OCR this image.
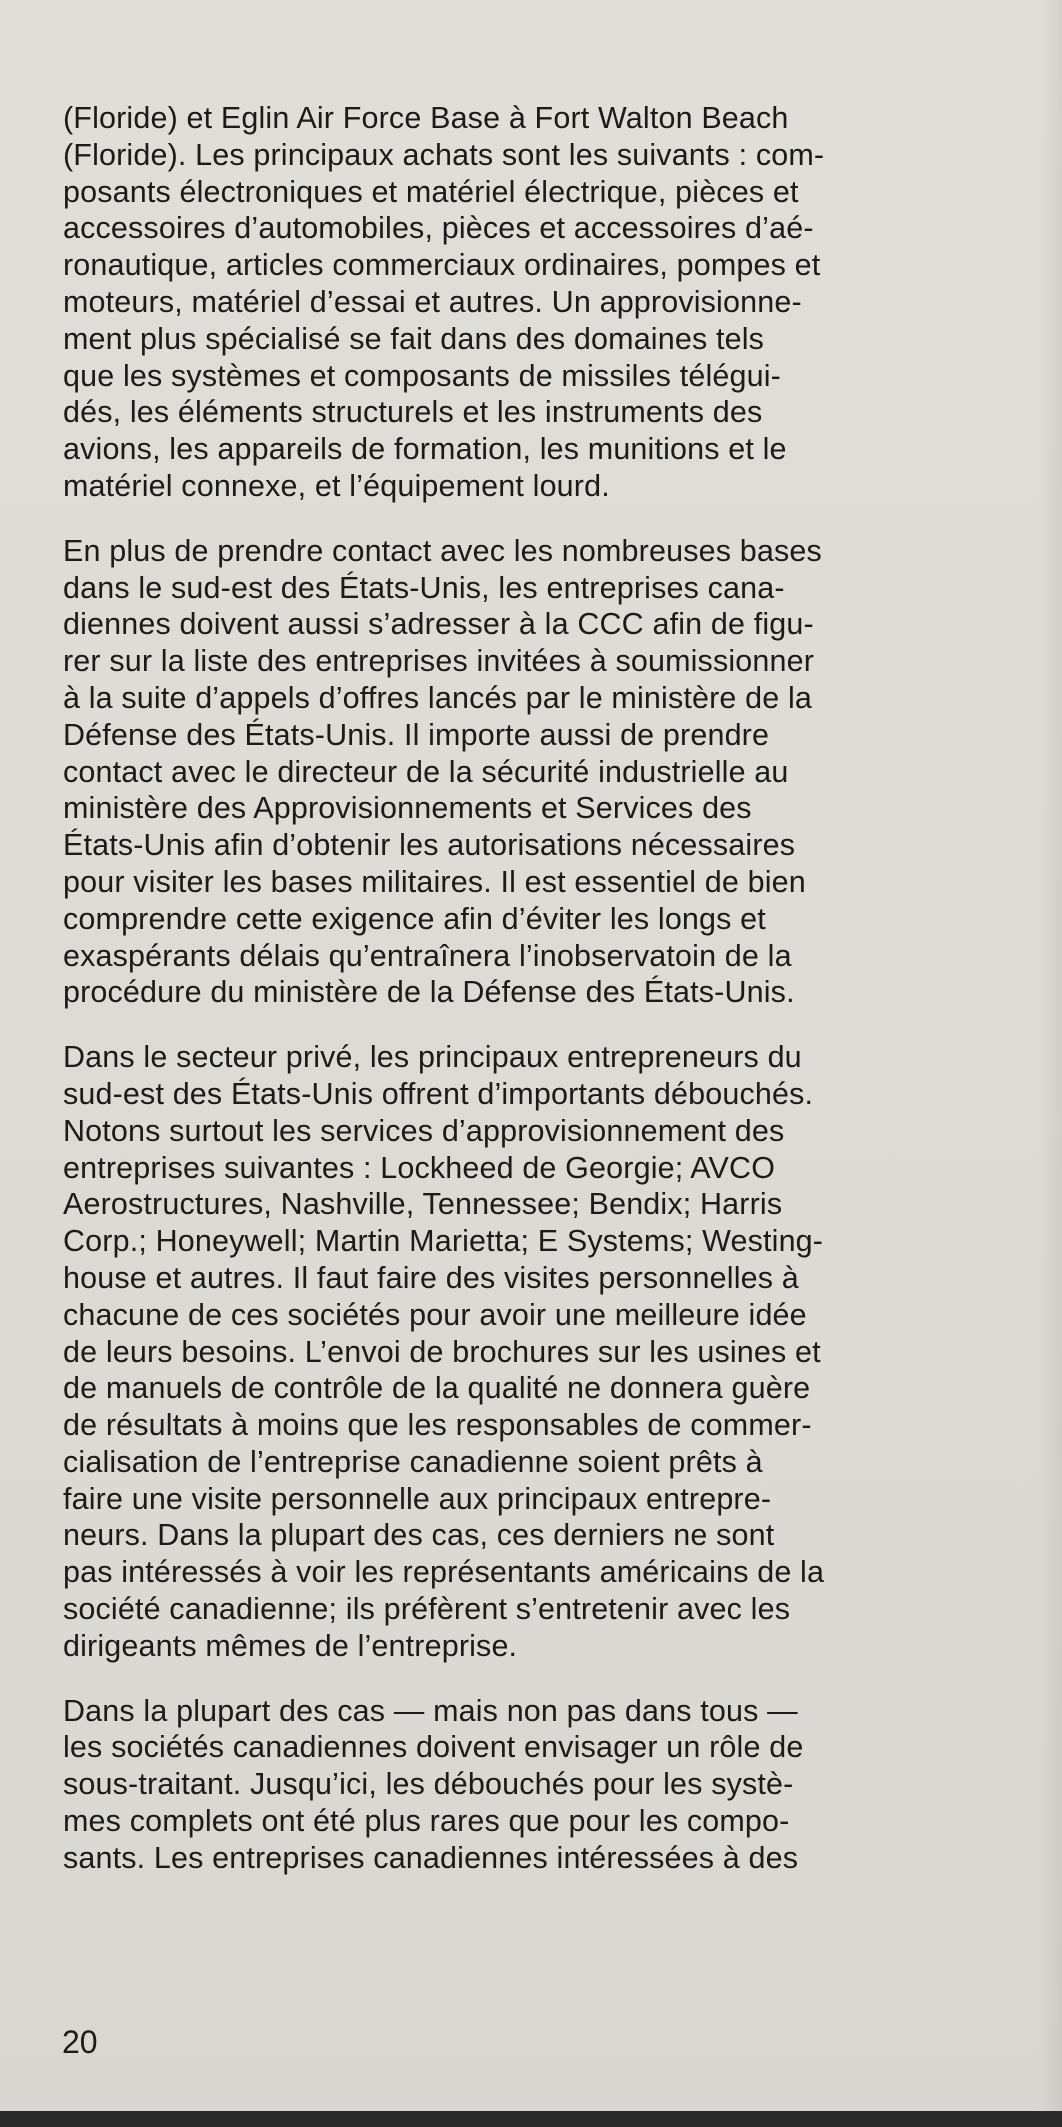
(Floride) et Eglin Air Force Base à Fort Walton Beach
(Floride). Les principaux achats sont les suivants : com-
posants électroniques et matériel électrique, pièces et
accessoires d’automobiles, pièces et accessoires d’aé-
ronautique, articles commerciaux ordinaires, pompes et
moteurs, matériel d’essai et autres. Un approvisionne-
ment plus spécialisé se fait dans des domaines tels
que les systèmes et composants de missiles télégui-
dés, les éléments structurels et les instruments des
avions, les appareils de formation, les munitions et le
matériel connexe, et l’équipement lourd.

En plus de prendre contact avec les nombreuses bases
dans le sud-est des États-Unis, les entreprises cana-
diennes doivent aussi s’adresser à la CCC afin de figu-
rer sur la liste des entreprises invitées à soumissionner
à la suite d’appels d’offres lancés par le ministère de la
Défense des États-Unis. Il importe aussi de prendre
contact avec le directeur de la sécurité industrielle au
ministère des Approvisionnements et Services des
États-Unis afin d’obtenir les autorisations nécessaires
pour visiter les bases militaires. Il est essentiel de bien
comprendre cette exigence afin d’éviter les longs et
exaspérants délais qu’entraînera l’inobservatoin de la
procédure du ministère de la Défense des États-Unis.

Dans le secteur privé, les principaux entrepreneurs du
sud-est des États-Unis offrent d’importants débouchés.
Notons surtout les services d’approvisionnement des
entreprises suivantes : Lockheed de Georgie; AVCO
Aerostructures, Nashville, Tennessee; Bendix; Harris
Corp.; Honeywell; Martin Marietta; E Systems; Westing-
house et autres. Il faut faire des visites personnelles à
chacune de ces sociétés pour avoir une meilleure idée
de leurs besoins. L’envoi de brochures sur les usines et
de manuels de contrôle de la qualité ne donnera guère
de résultats à moins que les responsables de commer-
cialisation de l’entreprise canadienne soient prêts à
faire une visite personnelle aux principaux entrepre-
neurs. Dans la plupart des cas, ces derniers ne sont
pas intéressés à voir les représentants américains de la
société canadienne; ils préfèrent s’entretenir avec les
dirigeants mêmes de l’entreprise.

Dans la plupart des cas — mais non pas dans tous —
les sociétés canadiennes doivent envisager un rôle de
sous-traitant. Jusqu’ici, les débouchés pour les systè-
mes complets ont été plus rares que pour les compo-
sants. Les entreprises canadiennes intéressées à des

20
